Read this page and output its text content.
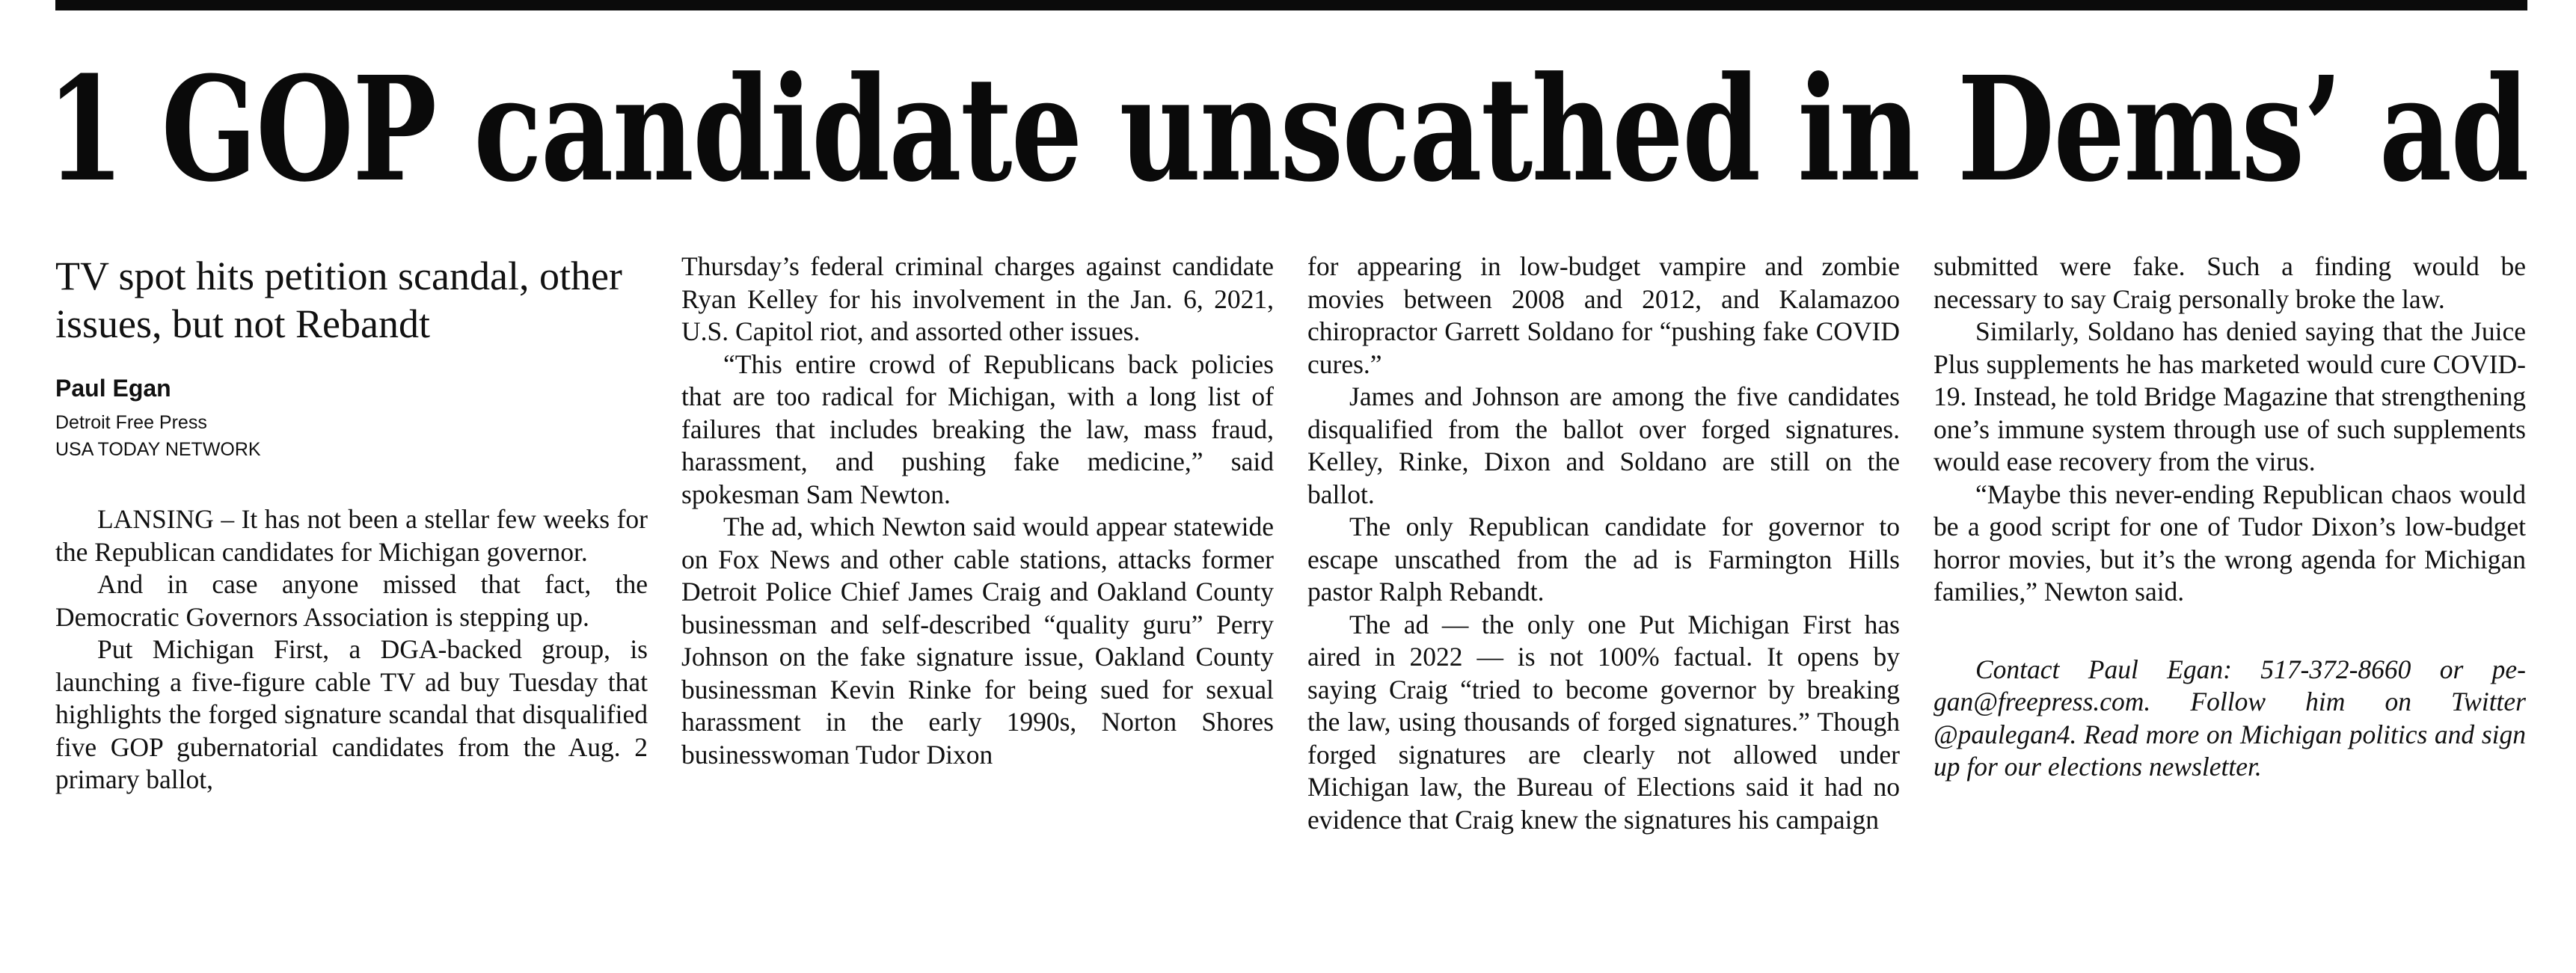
1 GOP candidate unscathed in Dems’ ad
TV spot hits petition scandal, other issues, but not Rebandt

Paul Egan

Detroit Free Press

USA TODAY NETWORK

LANSING – It has not been a stellar few weeks for the Republican candidates for Michigan governor.

And in case anyone missed that fact, the Democratic Governors Association is stepping up.

Put Michigan First, a DGA-backed group, is launching a five-figure cable TV ad buy Tuesday that highlights the forged signature scandal that disqualified five GOP gubernatorial candidates from the Aug. 2 primary ballot,

Thursday’s federal criminal charges against candidate Ryan Kelley for his involvement in the Jan. 6, 2021, U.S. Capitol riot, and assorted other issues.

“This entire crowd of Republicans back policies that are too radical for Michigan, with a long list of failures that includes breaking the law, mass fraud, harassment, and pushing fake medicine,” said spokesman Sam Newton.

The ad, which Newton said would appear statewide on Fox News and other cable stations, attacks former Detroit Police Chief James Craig and Oakland County businessman and self-described “quality guru” Perry Johnson on the fake signature issue, Oakland County businessman Kevin Rinke for being sued for sexual harassment in the early 1990s, Norton Shores businesswoman Tudor Dixon

for appearing in low-budget vampire and zombie movies between 2008 and 2012, and Kalamazoo chiropractor Garrett Soldano for “pushing fake COVID cures.”

James and Johnson are among the five candidates disqualified from the ballot over forged signatures. Kelley, Rinke, Dixon and Soldano are still on the ballot.

The only Republican candidate for governor to escape unscathed from the ad is Farmington Hills pastor Ralph Rebandt.

The ad — the only one Put Michigan First has aired in 2022 — is not 100% factual. It opens by saying Craig “tried to become governor by breaking the law, using thousands of forged signatures.” Though forged signatures are clearly not allowed under Michigan law, the Bureau of Elections said it had no evidence that Craig knew the signatures his campaign

submitted were fake. Such a finding would be necessary to say Craig personally broke the law.

Similarly, Soldano has denied saying that the Juice Plus supplements he has marketed would cure COVID-19. Instead, he told Bridge Magazine that strengthening one’s immune system through use of such supplements would ease recovery from the virus.

“Maybe this never-ending Republican chaos would be a good script for one of Tudor Dixon’s low-budget horror movies, but it’s the wrong agenda for Michigan families,” Newton said.

Contact Paul Egan: 517-372-8660 or pegan@freepress.com. Follow him on Twitter @paulegan4. Read more on Michigan politics and sign up for our elections newsletter.
